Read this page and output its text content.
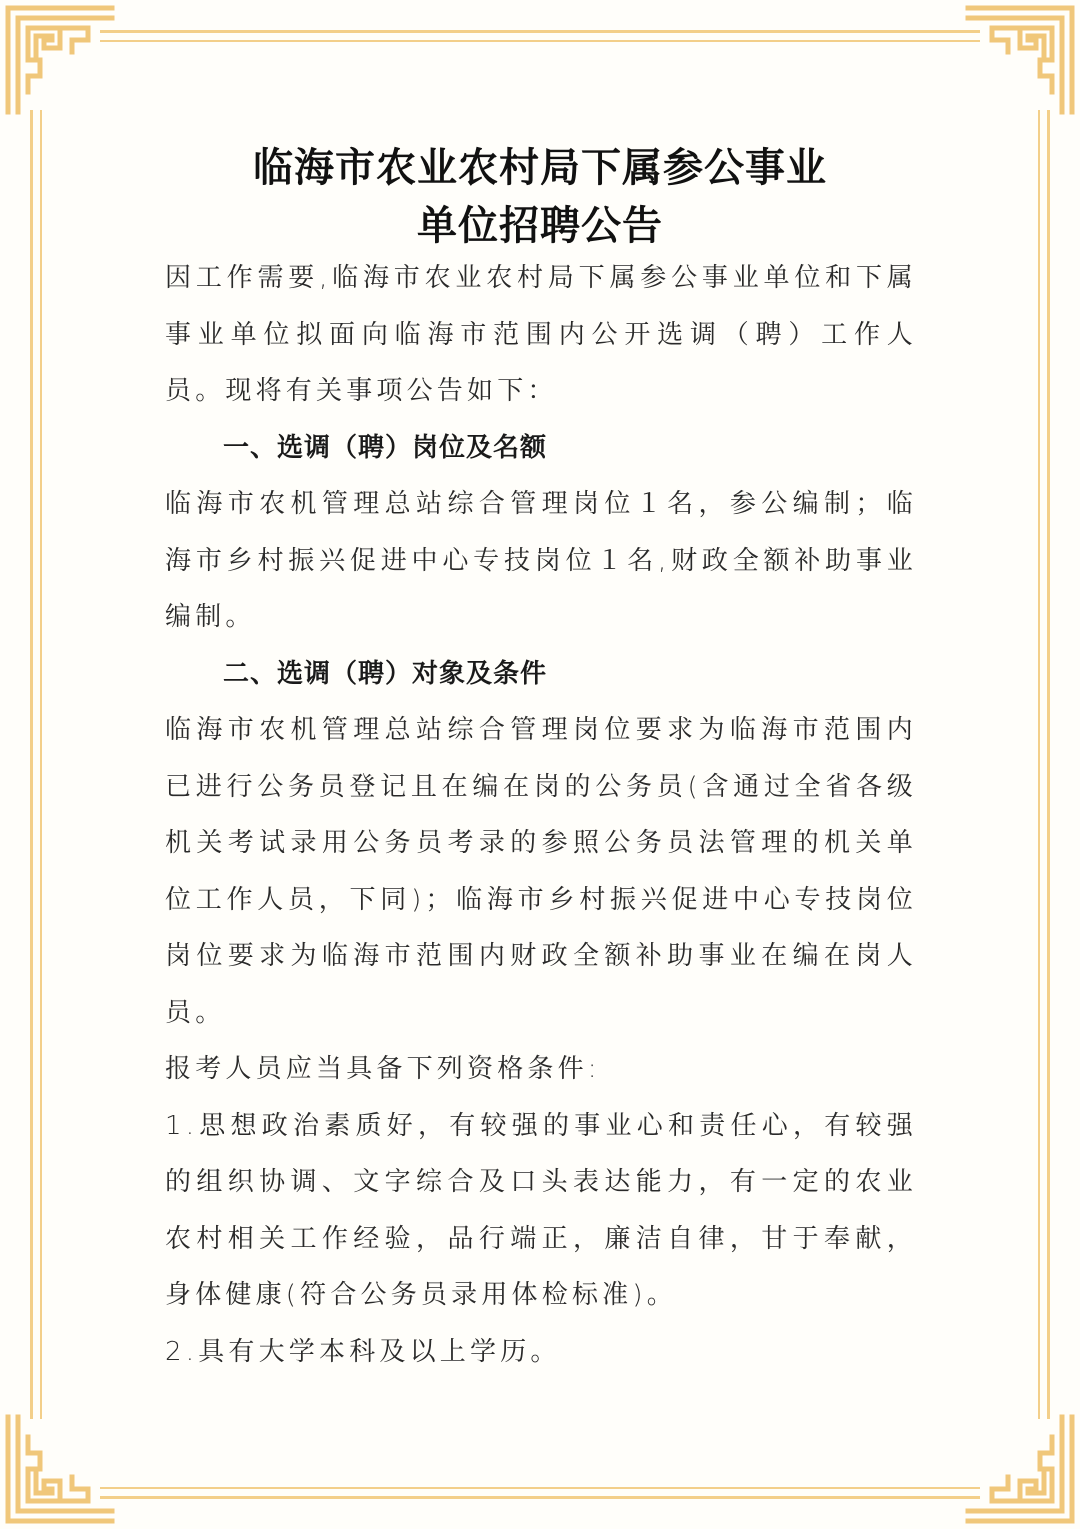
临海市农业农村局下属参公事业
单位招聘公告

因工作需要,临海市农业农村局下属参公事业单位和下属事业单位拟面向临海市范围内公开选调（聘）工作人员。现将有关事项公告如下：

一、选调（聘）岗位及名额

临海市农机管理总站综合管理岗位１名，参公编制；临海市乡村振兴促进中心专技岗位１名,财政全额补助事业编制。

二、选调（聘）对象及条件

临海市农机管理总站综合管理岗位要求为临海市范围内已进行公务员登记且在编在岗的公务员(含通过全省各级机关考试录用公务员考录的参照公务员法管理的机关单位工作人员，下同)；临海市乡村振兴促进中心专技岗位岗位要求为临海市范围内财政全额补助事业在编在岗人员。

报考人员应当具备下列资格条件:

1.思想政治素质好，有较强的事业心和责任心，有较强的组织协调、文字综合及口头表达能力，有一定的农业农村相关工作经验，品行端正，廉洁自律，甘于奉献，身体健康(符合公务员录用体检标准)。

2.具有大学本科及以上学历。
